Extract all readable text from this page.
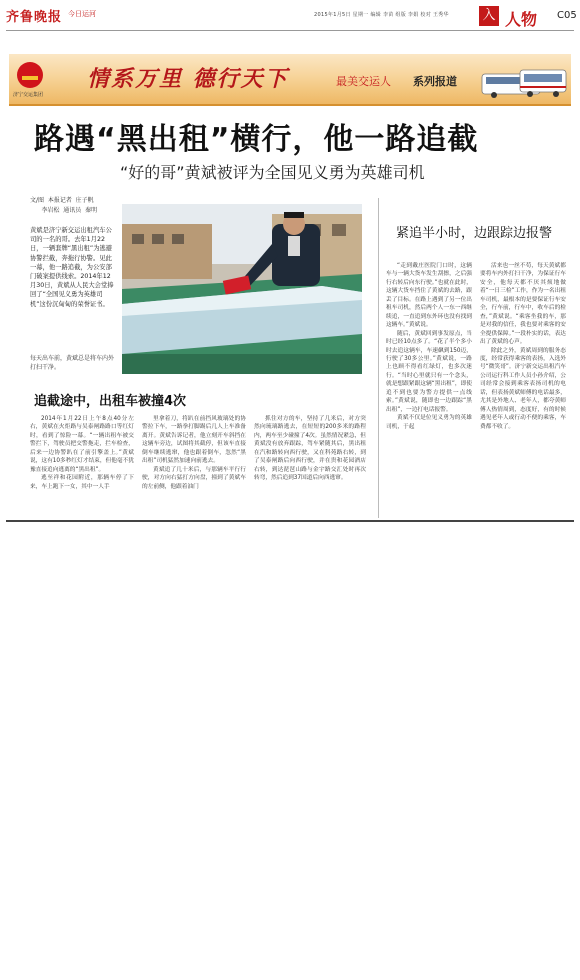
齐鲁晚报 今日运河	2015年1月5日 星期一 编辑 李苗 组版 李娟 校对 王秀华	入 人物 C05
济宁交运集团
情系万里 德行天下	最美交运人 系列报道
路遇“黑出租”横行，他一路追截
“好的哥”黄斌被评为全国见义勇为英雄司机
文/图  本报记者  庄子帆
李岩松  通讯员  秦明

黄斌是济宁新交运出租汽车公司的一名的哥。去年1月22日，一辆套牌“黑出租”为逃避协警拦截，奔拖行协警。见此一幕，他一路追截，为公安部门破案提供线索。2014年12月30日，黄斌从人民大会堂捧回了“全国见义勇为英雄司机”这份沉甸甸的荣誉证书。

每天出车前，黄斌总是将车内外打扫干净。
追截途中，出租车被撞4次
紧追半小时，边跟踪边报警

2014年1月22日上午8点40分左右，黄斌在火炬路与吴泰闸路路口等红灯时，看到了惊险一幕。“一辆出租车被交警拦下，驾驶员把交警拖走，拦车检查，后来一边协警趴在了前引擎盖上。”黄斌说，这有10多秒红灯才结束，但他毫不犹豫直接追向逃离的“黑出租”。

逃至祥和花园附近，那辆车停了下来，车上跑下一女，其中一人手

里拿着刀，将趴在前挡风玻璃处的协警拉下车，一路拳打脚踢后几人上车准备离开。黄斌告诉记者，他立刻开车斜挡在这辆车旁边，试图将其截停，但该车直接倒车继续逃窜，他也跟着倒车，忽然“黑出租”司机猛然加速向前逃去。

黄斌追了几十米后，与那辆车平行行驶，对方向右猛打方向盘，撞到了黄斌车的左前侧，他跟着油门

抓住对方的车，坚持了几米后，对方突然向琉璃路逃去，在短短的200多米的路程内，两车至少碰撞了4次。虽然情况紧急，但黄斌没有放弃跟踪，驾车紧随其后，黑出租在汽和路转向西行驶，又在科苑路右转，到了吴泰闸路后向西行驶，并在贵和花园酒店右转，到达琵琶山路与金宇路交汇处时再次转弯，然后追到37国道后向西逃窜。

“走到戴庄医院门口时，这辆车与一辆大货车发生刮擦，之后强行右转后向东行驶。”也就在此时，这辆大货车挡住了黄斌的去路，跟丢了目标。在路上遇到了另一位出租车司机，然后两个人一东一西继续追，一直追到东外环也没有找到这辆车。”黄斌说。

随后，黄斌回到事发原点，当时已经10点多了。“花了半个多小时去追这辆车，车速飙到150迈，行驶了30多公里。”黄斌说，一路上也顾不得看红绿灯，也多次迷行。“当时心里就只有一个念头，就是想跟紧跟这辆“黑出租”，即使追不到也要为警方提供一点线索。”黄斌说，随即也一边跟踪“黑出租”，一边打电话报警。

黄斌不仅是位见义勇为的英雄司机，于起

活来也一丝不苟，每天黄斌都要将车内外打扫干净，为保证行车安全，他每天都不厌其烦地做着“一日三检”工作，作为一名出租车司机，最根本的是要保证行车安全，行车前，行车中，收车后的检查，”黄斌说。“乘客坐我的车，那是对我的信任，我也要对乘客的安全提供保障。”一段朴实的话，表达出了黄斌的心声。

除此之外，黄斌周到的服务态度，经常获得乘客的表扬，入选外号“微笑哥”。济宁新交运出租汽车公司运行科工作人员小孙介绍，公司经常会接到乘客表扬司机的电话，但表扬黄斌师傅的电话最多，尤其是外地人、老年人，都夸黄师傅人热情周到，态度好，有的时候遇见老年人或行动不便的乘客，车费都不收了。
